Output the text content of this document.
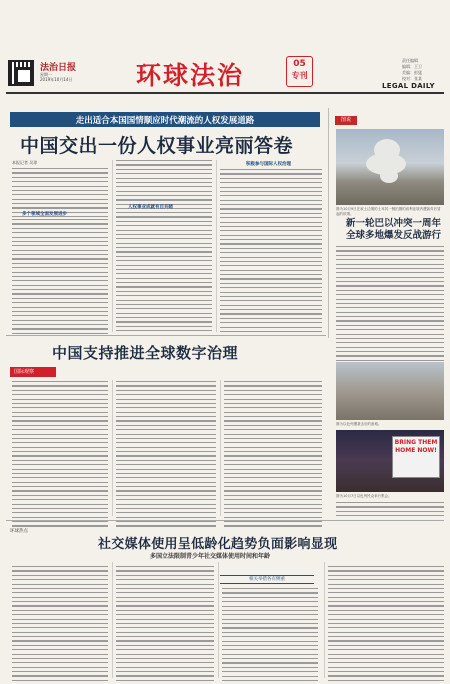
法治日报
星期一
2019年10月14日	环球法治	05
专刊
责任编辑
编辑：王卫
美编：彭猛
校对：张某
LEGAL DAILY
走出适合本国国情顺应时代潮流的人权发展道路
中国交出一份人权事业亮丽答卷
本报记者 吴琼
多个领域全面发展进步
人权事业成就有目共睹
积极参与国际人权治理
图说
图为10月9日在叙土边境的土耳其一侧拍摄的叙利亚境内遭轰炸后冒起的浓烟。
新一轮巴以冲突一周年全球多地爆发反战游行
中国支持推进全球数字治理
国际观察
图为以色列遭袭击后的废墟。
BRING THEM HOME NOW!
图为10月7日以色列民众举行集会。
环球热点
社交媒体使用呈低龄化趋势负面影响显现
多国立法限制青少年社交媒体使用时间和年龄
相关举措各有侧重
